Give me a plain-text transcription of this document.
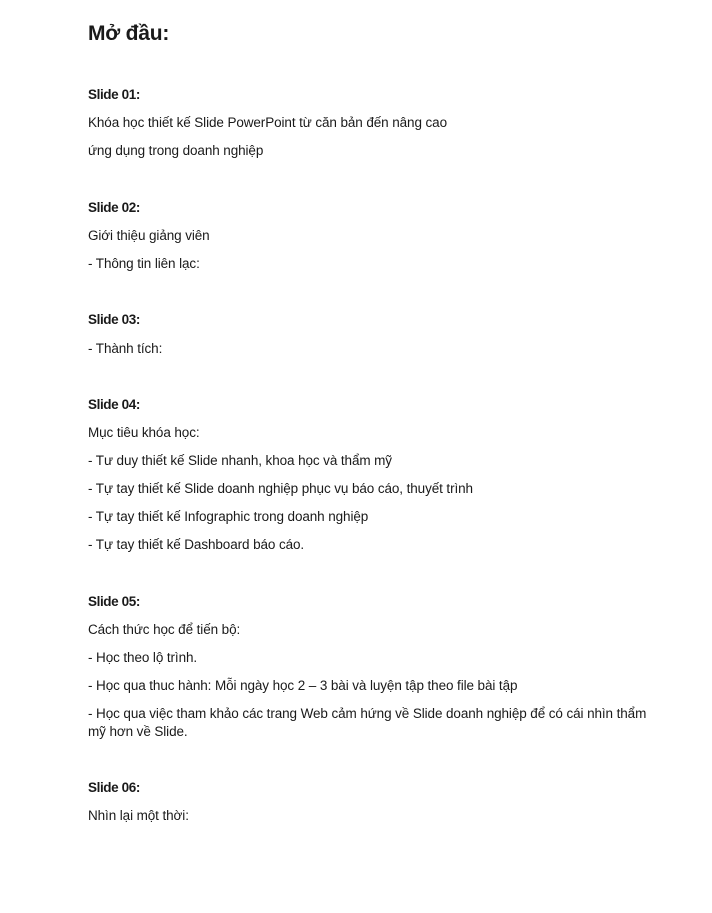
Mở đầu:
Slide 01:
Khóa học thiết kế Slide PowerPoint từ căn bản đến nâng cao
ứng dụng trong doanh nghiệp
Slide 02:
Giới thiệu giảng viên
- Thông tin liên lạc:
Slide 03:
- Thành tích:
Slide 04:
Mục tiêu khóa học:
- Tư duy thiết kế Slide nhanh, khoa học và thẩm mỹ
- Tự tay thiết kế Slide doanh nghiệp phục vụ báo cáo, thuyết trình
- Tự tay thiết kế Infographic trong doanh nghiệp
- Tự tay thiết kế Dashboard báo cáo.
Slide 05:
Cách thức học để tiến bộ:
- Học theo lộ trình.
- Học qua thuc hành: Mỗi ngày học 2 – 3 bài và luyện tập theo file bài tập
- Học qua việc tham khảo các trang Web cảm hứng về Slide doanh nghiệp để có cái nhìn thẩm mỹ hơn về Slide.
Slide 06:
Nhìn lại một thời:
